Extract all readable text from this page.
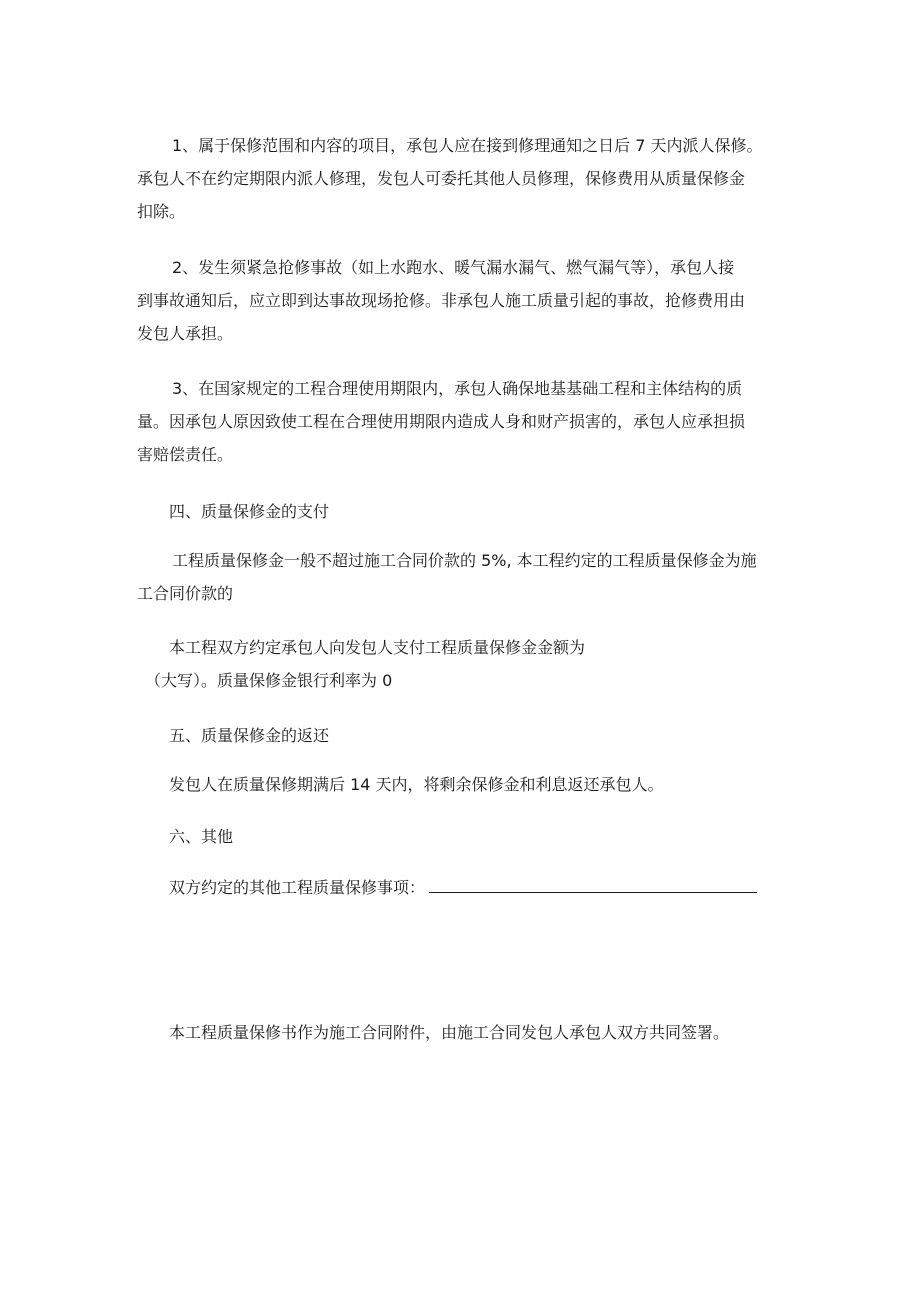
1、属于保修范围和内容的项目，承包人应在接到修理通知之日后 7 天内派人保修。
承包人不在约定期限内派人修理，发包人可委托其他人员修理，保修费用从质量保修金
扣除。
2、发生须紧急抢修事故（如上水跑水、暖气漏水漏气、燃气漏气等），承包人接
到事故通知后，应立即到达事故现场抢修。非承包人施工质量引起的事故，抢修费用由
发包人承担。
3、在国家规定的工程合理使用期限内，承包人确保地基基础工程和主体结构的质
量。因承包人原因致使工程在合理使用期限内造成人身和财产损害的，承包人应承担损
害赔偿责任。
四、质量保修金的支付
工程质量保修金一般不超过施工合同价款的 5%, 本工程约定的工程质量保修金为施
工合同价款的
本工程双方约定承包人向发包人支付工程质量保修金金额为
（大写）。质量保修金银行利率为 0
五、质量保修金的返还
发包人在质量保修期满后 14 天内，将剩余保修金和利息返还承包人。
六、其他
双方约定的其他工程质量保修事项：
本工程质量保修书作为施工合同附件，由施工合同发包人承包人双方共同签署。
